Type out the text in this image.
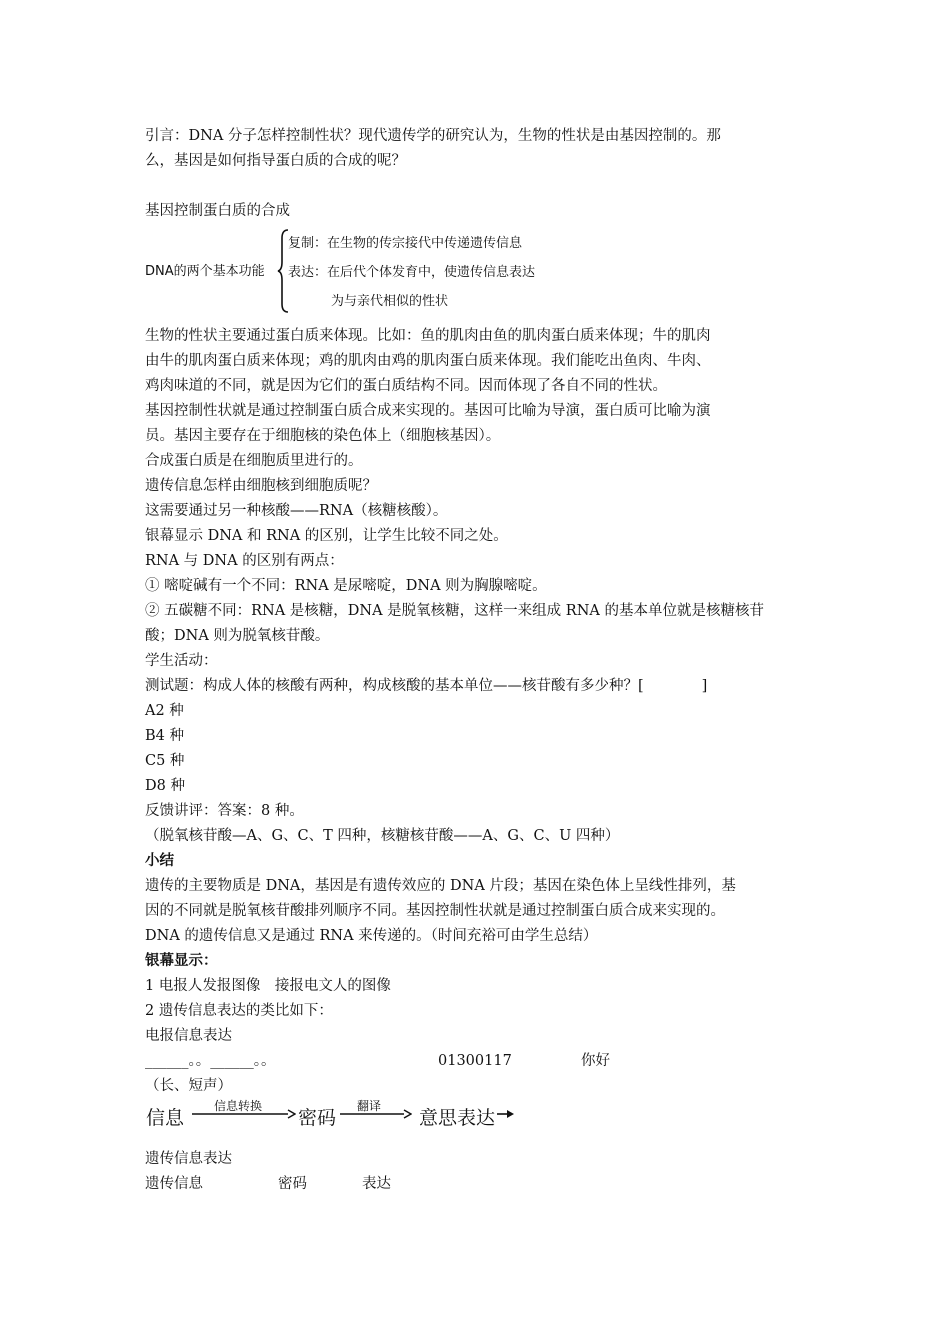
引言：DNA 分子怎样控制性状？现代遗传学的研究认为，生物的性状是由基因控制的。那
么，基因是如何指导蛋白质的合成的呢？
基因控制蛋白质的合成
DNA的两个基本功能
复制：在生物的传宗接代中传递遗传信息
表达：在后代个体发育中，使遗传信息表达
为与亲代相似的性状
生物的性状主要通过蛋白质来体现。比如：鱼的肌肉由鱼的肌肉蛋白质来体现；牛的肌肉
由牛的肌肉蛋白质来体现；鸡的肌肉由鸡的肌肉蛋白质来体现。我们能吃出鱼肉、牛肉、
鸡肉味道的不同，就是因为它们的蛋白质结构不同。因而体现了各自不同的性状。
基因控制性状就是通过控制蛋白质合成来实现的。基因可比喻为导演，蛋白质可比喻为演
员。基因主要存在于细胞核的染色体上（细胞核基因）。
合成蛋白质是在细胞质里进行的。
遗传信息怎样由细胞核到细胞质呢？
这需要通过另一种核酸——RNA（核糖核酸）。
银幕显示 DNA 和 RNA 的区别，让学生比较不同之处。
RNA 与 DNA 的区别有两点：
① 嘧啶碱有一个不同：RNA 是尿嘧啶，DNA 则为胸腺嘧啶。
② 五碳糖不同：RNA 是核糖，DNA 是脱氧核糖，这样一来组成 RNA 的基本单位就是核糖核苷
酸；DNA 则为脱氧核苷酸。
学生活动：
测试题：构成人体的核酸有两种，构成核酸的基本单位——核苷酸有多少种？[　　　　]
A2 种
B4 种
C5 种
D8 种
反馈讲评：答案：8 种。
（脱氧核苷酸—A、G、C、T 四种，核糖核苷酸——A、G、C、U 四种）
小结
遗传的主要物质是 DNA，基因是有遗传效应的 DNA 片段；基因在染色体上呈线性排列，基
因的不同就是脱氧核苷酸排列顺序不同。基因控制性状就是通过控制蛋白质合成来实现的。
DNA 的遗传信息又是通过 RNA 来传递的。（时间充裕可由学生总结）
银幕显示：
1 电报人发报图像　接报电文人的图像
2 遗传信息表达的类比如下：
电报信息表达
______。。______。。	01300117	你好
（长、短声）
信息
信息转换
密码
翻译
意思表达
遗传信息表达
遗传信息	密码	表达
